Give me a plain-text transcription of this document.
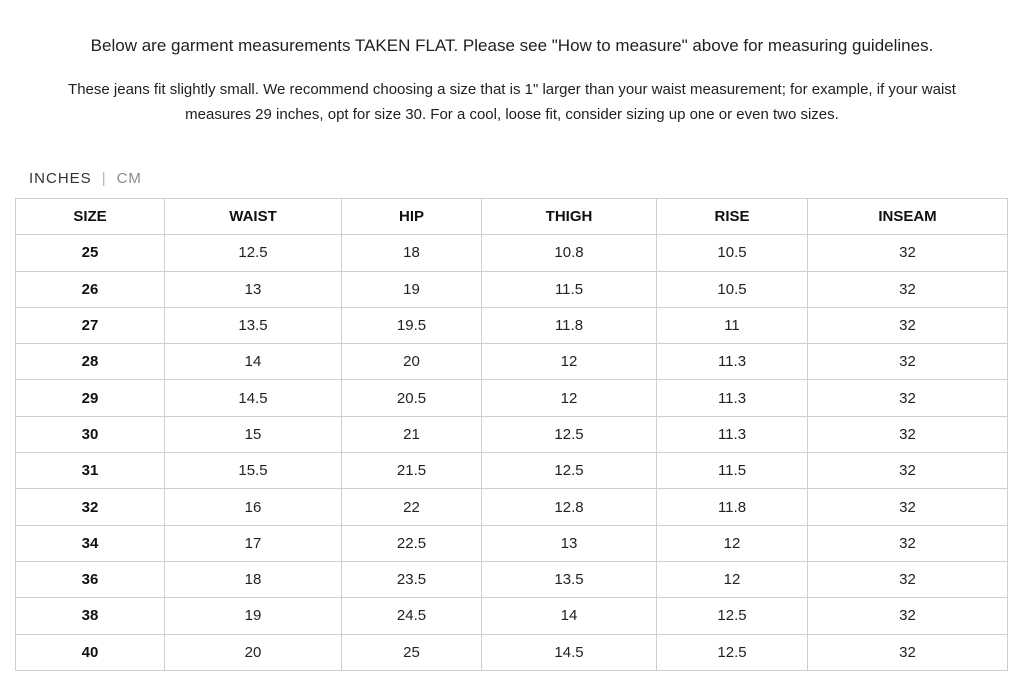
Below are garment measurements TAKEN FLAT. Please see "How to measure" above for measuring guidelines.
These jeans fit slightly small. We recommend choosing a size that is 1" larger than your waist measurement; for example, if your waist measures 29 inches, opt for size 30. For a cool, loose fit, consider sizing up one or even two sizes.
INCHES | CM
SIZE	WAIST	HIP	THIGH	RISE	INSEAM
25	12.5	18	10.8	10.5	32
26	13	19	11.5	10.5	32
27	13.5	19.5	11.8	11	32
28	14	20	12	11.3	32
29	14.5	20.5	12	11.3	32
30	15	21	12.5	11.3	32
31	15.5	21.5	12.5	11.5	32
32	16	22	12.8	11.8	32
34	17	22.5	13	12	32
36	18	23.5	13.5	12	32
38	19	24.5	14	12.5	32
40	20	25	14.5	12.5	32
